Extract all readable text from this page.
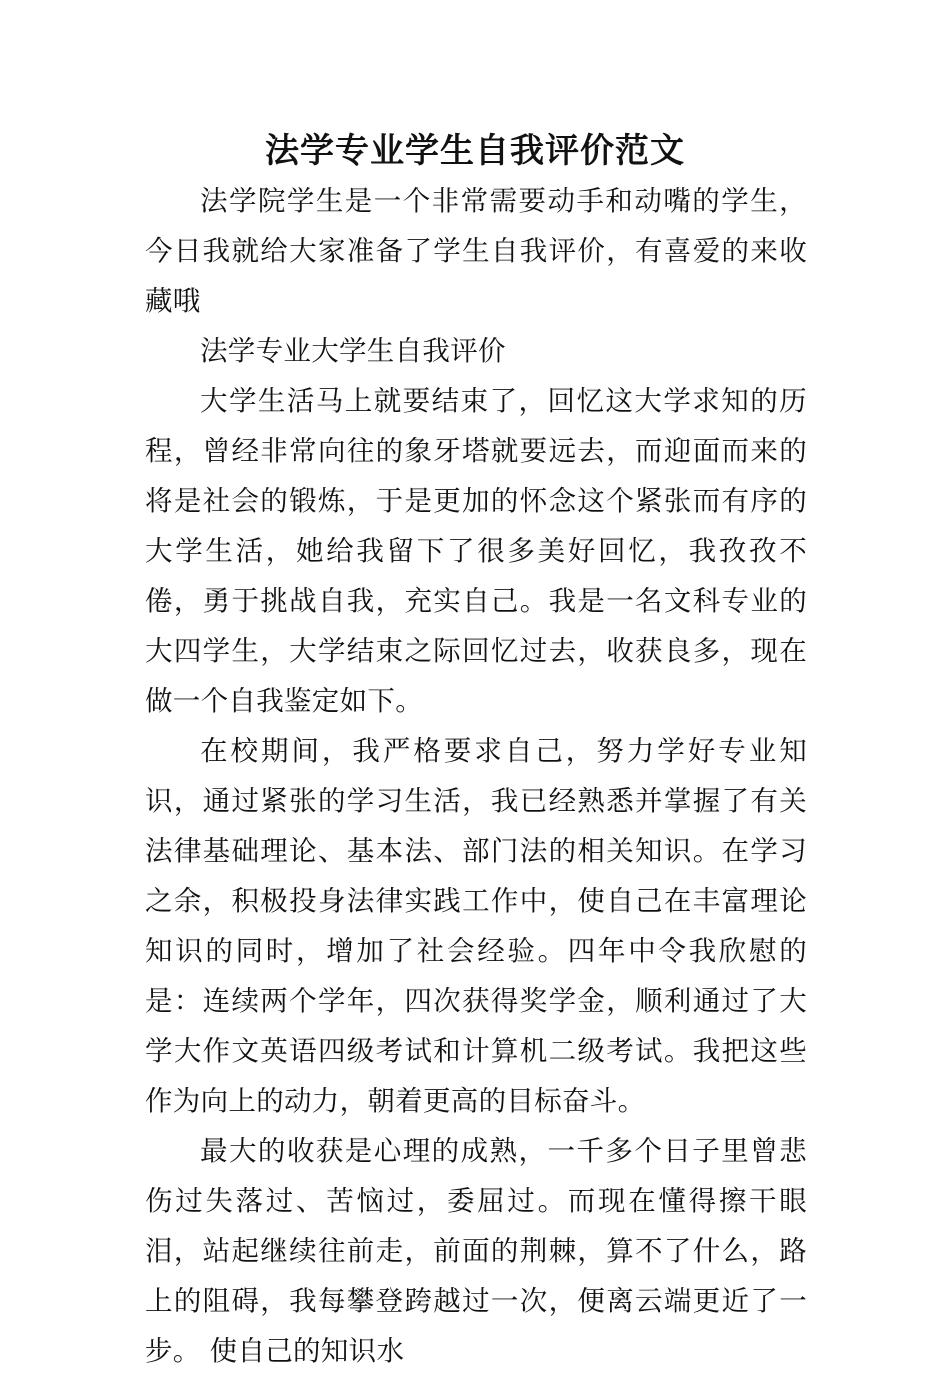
法学专业学生自我评价范文

法学院学生是一个非常需要动手和动嘴的学生，今日我就给大家准备了学生自我评价，有喜爱的来收藏哦

法学专业大学生自我评价

大学生活马上就要结束了，回忆这大学求知的历程，曾经非常向往的象牙塔就要远去，而迎面而来的将是社会的锻炼，于是更加的怀念这个紧张而有序的大学生活，她给我留下了很多美好回忆，我孜孜不倦，勇于挑战自我，充实自己。我是一名文科专业的大四学生，大学结束之际回忆过去，收获良多，现在做一个自我鉴定如下。

在校期间，我严格要求自己，努力学好专业知识，通过紧张的学习生活，我已经熟悉并掌握了有关法律基础理论、基本法、部门法的相关知识。在学习之余，积极投身法律实践工作中，使自己在丰富理论知识的同时，增加了社会经验。四年中令我欣慰的是：连续两个学年，四次获得奖学金，顺利通过了大学大作文英语四级考试和计算机二级考试。我把这些作为向上的动力，朝着更高的目标奋斗。

最大的收获是心理的成熟，一千多个日子里曾悲伤过失落过、苦恼过，委屈过。而现在懂得擦干眼泪，站起继续往前走，前面的荆棘，算不了什么，路上的阻碍，我每攀登跨越过一次，便离云端更近了一步。 使自己的知识水
